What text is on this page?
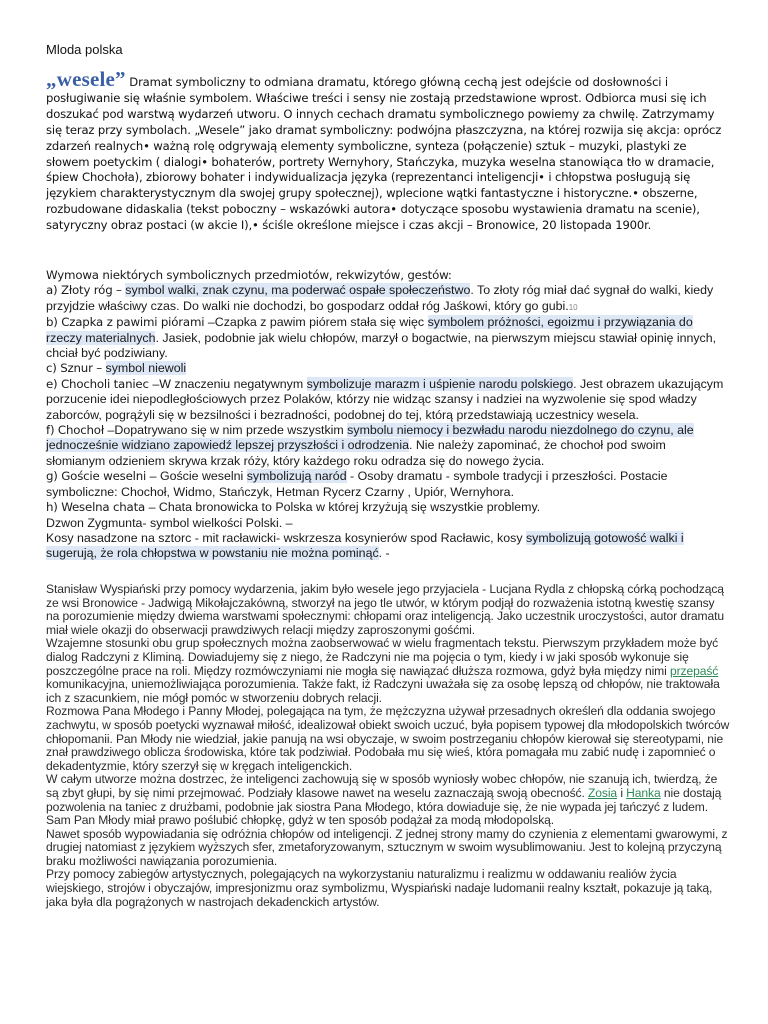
Mloda polska
„wesele” Dramat symboliczny to odmiana dramatu, którego główną cechą jest odejście od dosłowności i posługiwanie się właśnie symbolem. Właściwe treści i sensy nie zostają przedstawione wprost. Odbiorca musi się ich doszukać pod warstwą wydarzeń utworu. O innych cechach dramatu symbolicznego powiemy za chwilę. Zatrzymamy się teraz przy symbolach. „Wesele” jako dramat symboliczny: podwójna płaszczyzna, na której rozwija się akcja: oprócz zdarzeń realnych• ważną rolę odgrywają elementy symboliczne, synteza (połączenie) sztuk – muzyki, plastyki ze słowem poetyckim ( dialogi• bohaterów, portrety Wernyhory, Stańczyka, muzyka weselna stanowiąca tło w dramacie, śpiew Chochoła), zbiorowy bohater i indywidualizacja języka (reprezentanci inteligencji• i chłopstwa posługują się językiem charakterystycznym dla swojej grupy społecznej), wplecione wątki fantastyczne i historyczne.• obszerne, rozbudowane didaskalia (tekst poboczny – wskazówki autora• dotyczące sposobu wystawienia dramatu na scenie), satyryczny obraz postaci (w akcie I),• ściśle określone miejsce i czas akcji – Bronowice, 20 listopada 1900r.

Wymowa niektórych symbolicznych przedmiotów, rekwizytów, gestów:

a) Złoty róg – symbol walki, znak czynu, ma poderwać ospałe społeczeństwo. To złoty róg miał dać sygnał do walki, kiedy przyjdzie właściwy czas. Do walki nie dochodzi, bo gospodarz oddał róg Jaśkowi, który go gubi.10

b) Czapka z pawimi piórami –Czapka z pawim piórem stała się więc symbolem próżności, egoizmu i przywiązania do rzeczy materialnych. Jasiek, podobnie jak wielu chłopów, marzył o bogactwie, na pierwszym miejscu stawiał opinię innych, chciał być podziwiany.

c) Sznur – symbol niewoli

e) Chocholi taniec –W znaczeniu negatywnym symbolizuje marazm i uśpienie narodu polskiego. Jest obrazem ukazującym porzucenie idei niepodległościowych przez Polaków, którzy nie widząc szansy i nadziei na wyzwolenie się spod władzy zaborców, pogrążyli się w bezsilności i bezradności, podobnej do tej, którą przedstawiają uczestnicy wesela.

f) Chochoł –Dopatrywano się w nim przede wszystkim symbolu niemocy i bezwładu narodu niezdolnego do czynu, ale jednocześnie widziano zapowiedź lepszej przyszłości i odrodzenia. Nie należy zapominać, że chochoł pod swoim słomianym odzieniem skrywa krzak róży, który każdego roku odradza się do nowego życia.

g) Goście weselni – Goście weselni symbolizują naród - Osoby dramatu - symbole tradycji i przeszłości. Postacie symboliczne: Chochoł, Widmo, Stańczyk, Hetman Rycerz Czarny , Upiór, Wernyhora.

h) Weselna chata – Chata bronowicka to Polska w której krzyżują się wszystkie problemy.

Dzwon Zygmunta- symbol wielkości Polski. –

Kosy nasadzone na sztorc - mit racławicki- wskrzesza kosynierów spod Racławic, kosy symbolizują gotowość walki i sugerują, że rola chłopstwa w powstaniu nie można pominąć. -

Stanisław Wyspiański przy pomocy wydarzenia, jakim było wesele jego przyjaciela - Lucjana Rydla z chłopską córką pochodzącą ze wsi Bronowice - Jadwigą Mikołajczakówną, stworzył na jego tle utwór, w którym podjął do rozważenia istotną kwestię szansy na porozumienie między dwiema warstwami społecznymi: chłopami oraz inteligencją. Jako uczestnik uroczystości, autor dramatu miał wiele okazji do obserwacji prawdziwych relacji między zaproszonymi gośćmi.

Wzajemne stosunki obu grup społecznych można zaobserwować w wielu fragmentach tekstu. Pierwszym przykładem może być dialog Radczyni z Kliminą. Dowiadujemy się z niego, że Radczyni nie ma pojęcia o tym, kiedy i w jaki sposób wykonuje się poszczególne prace na roli. Między rozmówczyniami nie mogła się nawiązać dłuższa rozmowa, gdyż była między nimi przepaść komunikacyjna, uniemożliwiająca porozumienia. Także fakt, iż Radczyni uważała się za osobę lepszą od chłopów, nie traktowała ich z szacunkiem, nie mógł pomóc w stworzeniu dobrych relacji.

Rozmowa Pana Młodego i Panny Młodej, polegająca na tym, że mężczyzna używał przesadnych określeń dla oddania swojego zachwytu, w sposób poetycki wyznawał miłość, idealizował obiekt swoich uczuć, była popisem typowej dla młodopolskich twórców chłopomanii. Pan Młody nie wiedział, jakie panują na wsi obyczaje, w swoim postrzeganiu chłopów kierował się stereotypami, nie znał prawdziwego oblicza środowiska, które tak podziwiał. Podobała mu się wieś, która pomagała mu zabić nudę i zapomnieć o dekadentyzmie, który szerzył się w kręgach inteligenckich.

W całym utworze można dostrzec, że inteligenci zachowują się w sposób wyniosły wobec chłopów, nie szanują ich, twierdzą, że są zbyt głupi, by się nimi przejmować. Podziały klasowe nawet na weselu zaznaczają swoją obecność. Zosia i Hanka nie dostają pozwolenia na taniec z drużbami, podobnie jak siostra Pana Młodego, która dowiaduje się, że nie wypada jej tańczyć z ludem. Sam Pan Młody miał prawo poślubić chłopkę, gdyż w ten sposób podążał za modą młodopolską.

Nawet sposób wypowiadania się odróżnia chłopów od inteligencji. Z jednej strony mamy do czynienia z elementami gwarowymi, z drugiej natomiast z językiem wyższych sfer, zmetaforyzowanym, sztucznym w swoim wysublimowaniu. Jest to kolejną przyczyną braku możliwości nawiązania porozumienia.

Przy pomocy zabiegów artystycznych, polegających na wykorzystaniu naturalizmu i realizmu w oddawaniu realiów życia wiejskiego, strojów i obyczajów, impresjonizmu oraz symbolizmu, Wyspiański nadaje ludomanii realny kształt, pokazuje ją taką, jaka była dla pogrążonych w nastrojach dekadenckich artystów.
